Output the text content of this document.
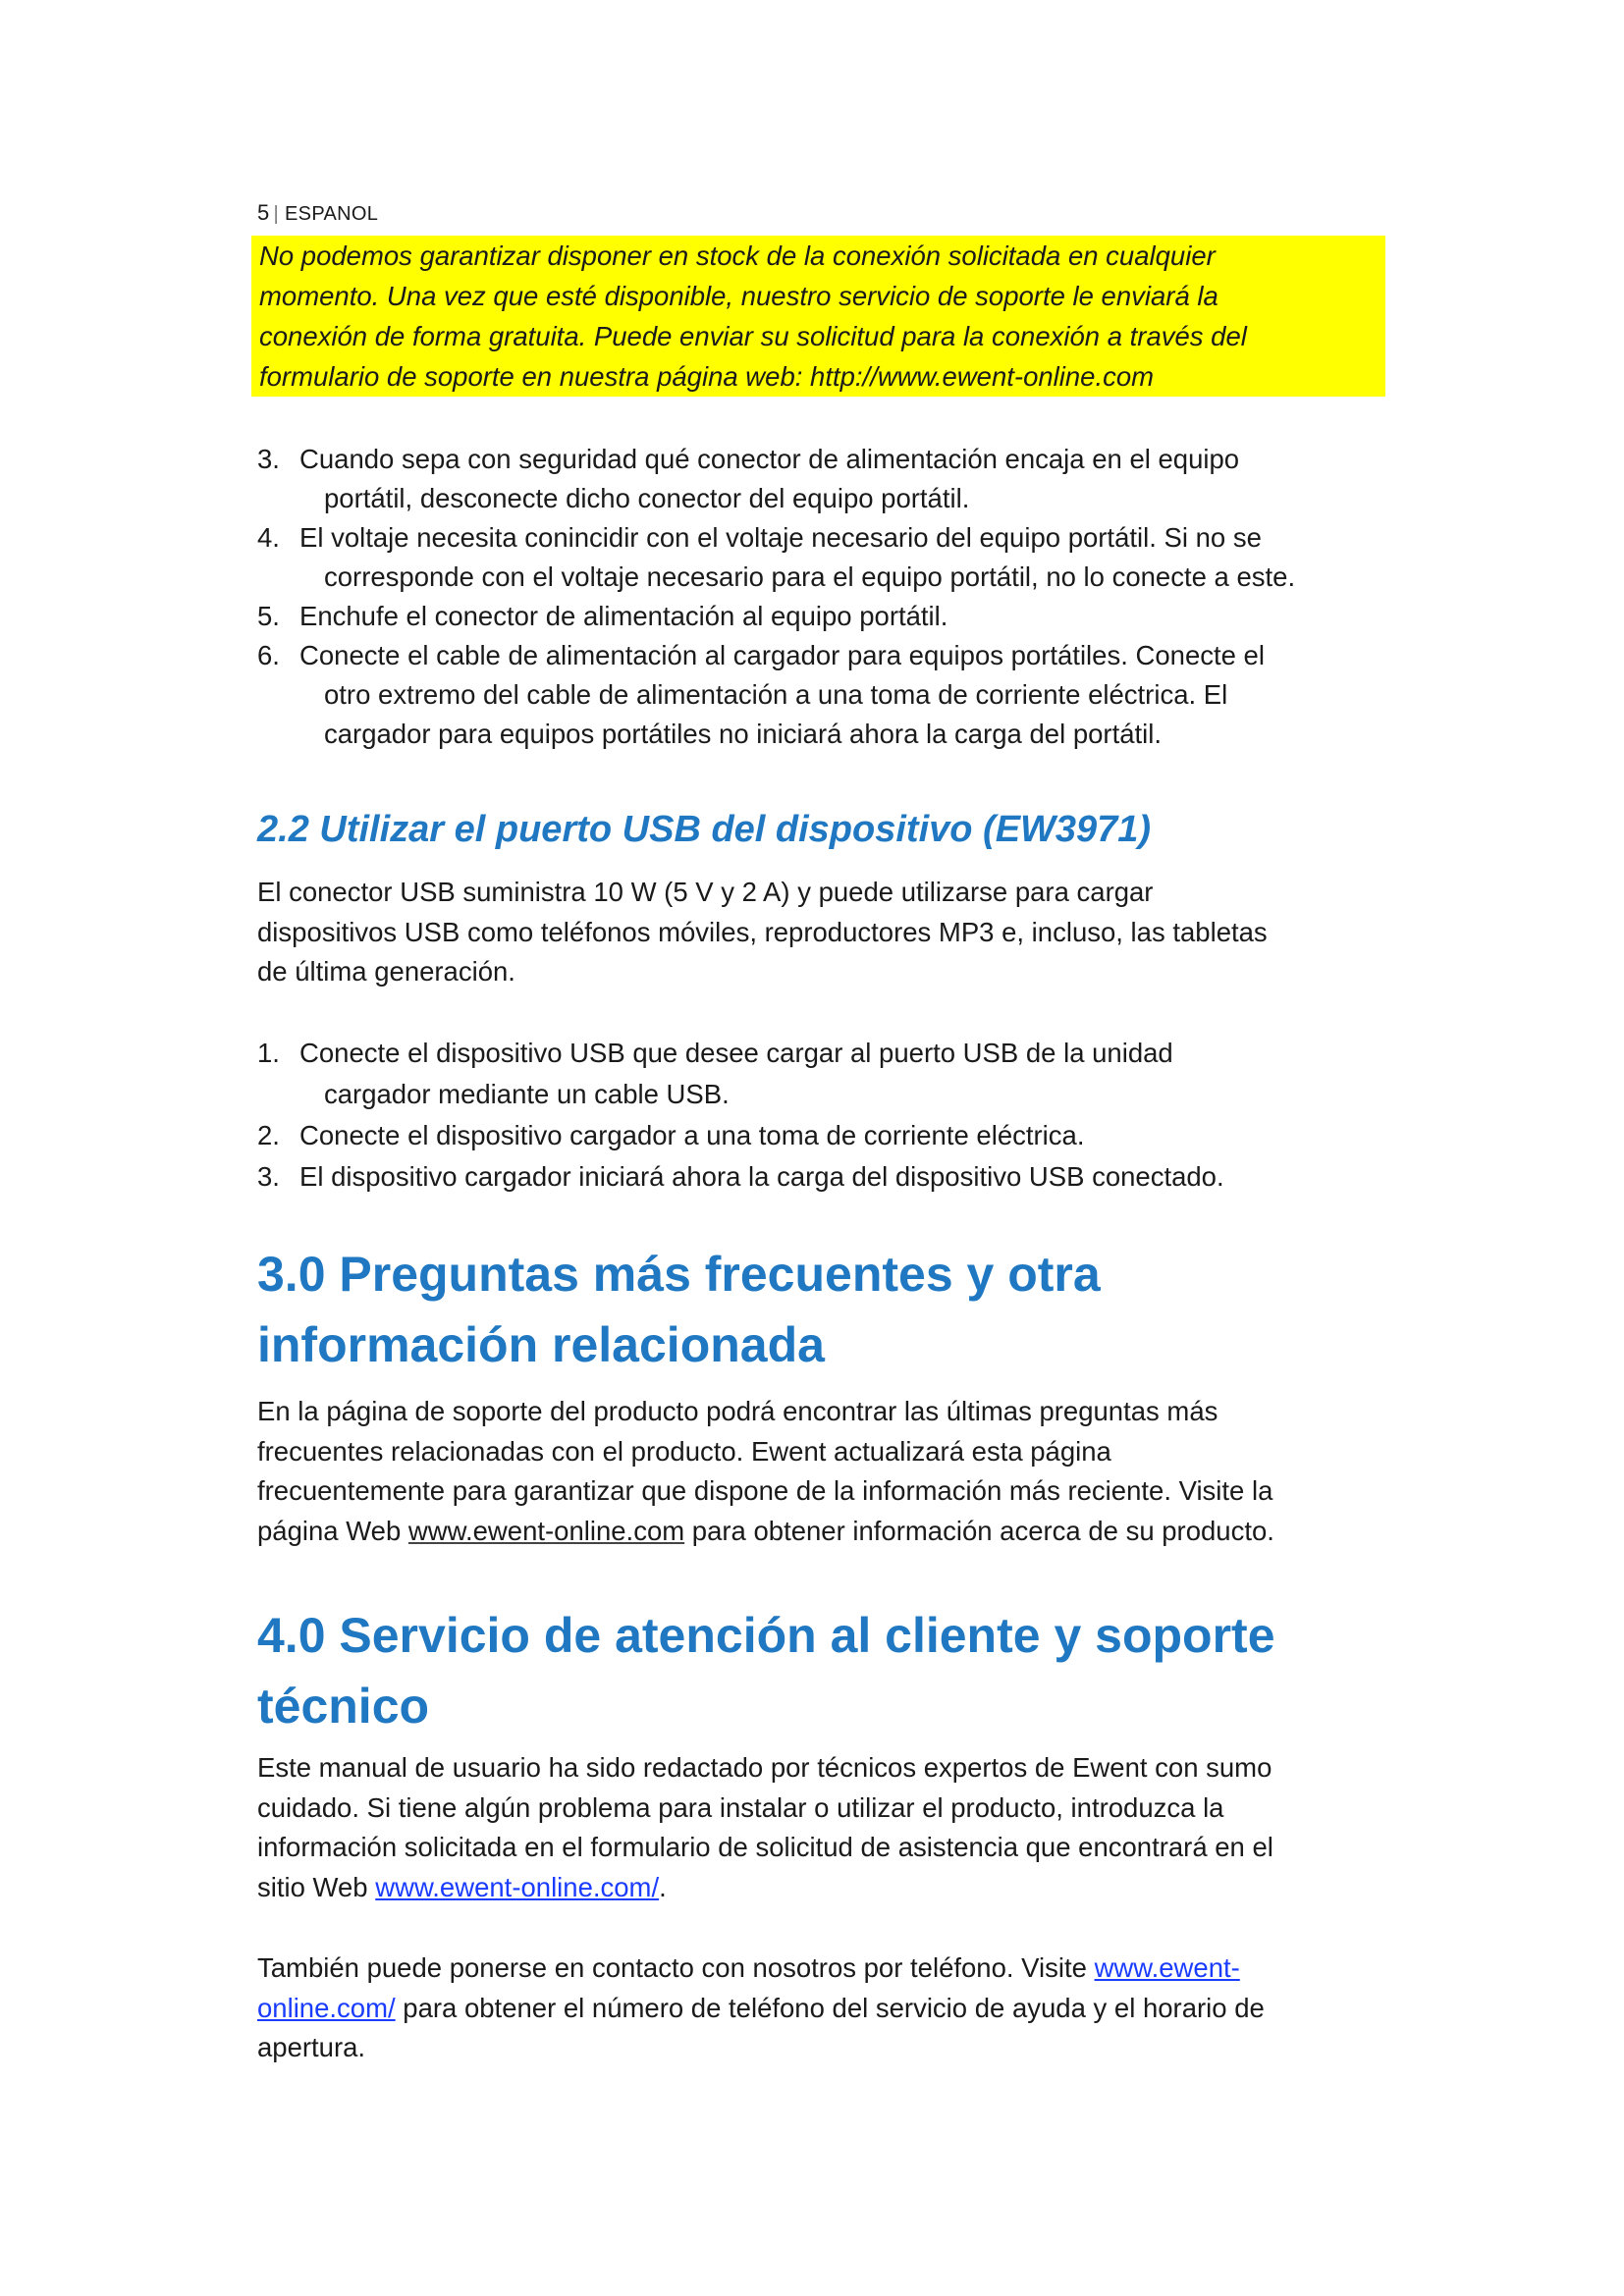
5 | ESPANOL

No podemos garantizar disponer en stock de la conexión solicitada en cualquier

momento. Una vez que esté disponible, nuestro servicio de soporte le enviará la

conexión de forma gratuita. Puede enviar su solicitud para la conexión a través del

formulario de soporte en nuestra página web: http://www.ewent-online.com

3. Cuando sepa con seguridad qué conector de alimentación encaja en el equipo
portátil, desconecte dicho conector del equipo portátil.
4. El voltaje necesita conincidir con el voltaje necesario del equipo portátil. Si no se
corresponde con el voltaje necesario para el equipo portátil, no lo conecte a este.
5. Enchufe el conector de alimentación al equipo portátil.
6. Conecte el cable de alimentación al cargador para equipos portátiles. Conecte el
otro extremo del cable de alimentación a una toma de corriente eléctrica. El
cargador para equipos portátiles no iniciará ahora la carga del portátil.
2.2 Utilizar el puerto USB del dispositivo (EW3971)
El conector USB suministra 10 W (5 V y 2 A) y puede utilizarse para cargar
dispositivos USB como teléfonos móviles, reproductores MP3 e, incluso, las tabletas
de última generación.
1. Conecte el dispositivo USB que desee cargar al puerto USB de la unidad
cargador mediante un cable USB.
2. Conecte el dispositivo cargador a una toma de corriente eléctrica.
3. El dispositivo cargador iniciará ahora la carga del dispositivo USB conectado.
3.0 Preguntas más frecuentes y otra
información relacionada
En la página de soporte del producto podrá encontrar las últimas preguntas más
frecuentes relacionadas con el producto. Ewent actualizará esta página
frecuentemente para garantizar que dispone de la información más reciente. Visite la
página Web www.ewent-online.com para obtener información acerca de su producto.
4.0 Servicio de atención al cliente y soporte
técnico
Este manual de usuario ha sido redactado por técnicos expertos de Ewent con sumo
cuidado. Si tiene algún problema para instalar o utilizar el producto, introduzca la
información solicitada en el formulario de solicitud de asistencia que encontrará en el
sitio Web www.ewent-online.com/.
También puede ponerse en contacto con nosotros por teléfono. Visite www.ewent-
online.com/ para obtener el número de teléfono del servicio de ayuda y el horario de
apertura.
